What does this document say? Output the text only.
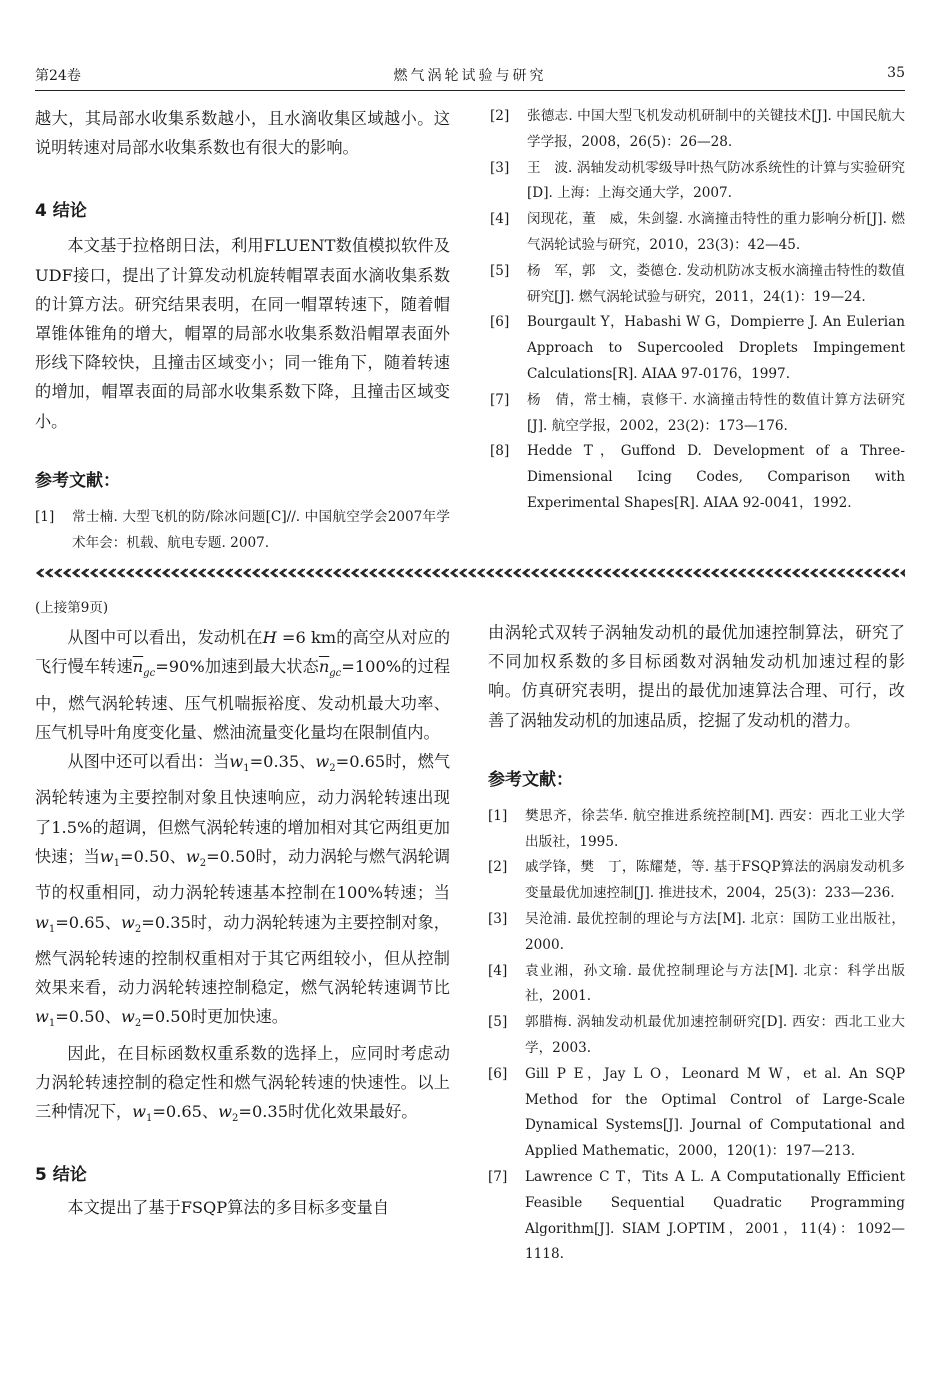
第24卷	燃气涡轮试验与研究	35

越大，其局部水收集系数越小，且水滴收集区域越小。这说明转速对局部水收集系数也有很大的影响。

4 结论

本文基于拉格朗日法，利用FLUENT数值模拟软件及UDF接口，提出了计算发动机旋转帽罩表面水滴收集系数的计算方法。研究结果表明，在同一帽罩转速下，随着帽罩锥体锥角的增大，帽罩的局部水收集系数沿帽罩表面外形线下降较快，且撞击区域变小；同一锥角下，随着转速的增加，帽罩表面的局部水收集系数下降，且撞击区域变小。

参考文献：
[1] 常士楠. 大型飞机的防/除冰问题[C]//. 中国航空学会2007年学术年会：机载、航电专题. 2007.
[2] 张德志. 中国大型飞机发动机研制中的关键技术[J]. 中国民航大学学报，2008，26(5)：26—28.
[3] 王　波. 涡轴发动机零级导叶热气防冰系统性的计算与实验研究[D]. 上海：上海交通大学，2007.
[4] 闵现花，董　威，朱剑鋆. 水滴撞击特性的重力影响分析[J]. 燃气涡轮试验与研究，2010，23(3)：42—45.
[5] 杨　军，郭　文，娄德仓. 发动机防冰支板水滴撞击特性的数值研究[J]. 燃气涡轮试验与研究，2011，24(1)：19—24.
[6] Bourgault Y，Habashi W G，Dompierre J. An Eulerian Approach to Supercooled Droplets Impingement Calculations[R]. AIAA 97-0176，1997.
[7] 杨　倩，常士楠，袁修干. 水滴撞击特性的数值计算方法研究[J]. 航空学报，2002，23(2)：173—176.
[8] Hedde T，Guffond D. Development of a Three-Dimensional Icing Codes, Comparison with Experimental Shapes[R]. AIAA 92-0041，1992.

(上接第9页)

从图中可以看出，发动机在H =6 km的高空从对应的飞行慢车转速$\overline{n}_{gc}=90\%$加速到最大状态$\overline{n}_{gc}=100\%$的过程中，燃气涡轮转速、压气机喘振裕度、发动机最大功率、压气机导叶角度变化量、燃油流量变化量均在限制值内。

从图中还可以看出：当$w_1=0.35$、$w_2=0.65$时，燃气涡轮转速为主要控制对象且快速响应，动力涡轮转速出现了1.5%的超调，但燃气涡轮转速的增加相对其它两组更加快速；当$w_1=0.50$、$w_2=0.50$时，动力涡轮与燃气涡轮调节的权重相同，动力涡轮转速基本控制在100%转速；当$w_1=0.65$、$w_2=0.35$时，动力涡轮转速为主要控制对象，燃气涡轮转速的控制权重相对于其它两组较小，但从控制效果来看，动力涡轮转速控制稳定，燃气涡轮转速调节比$w_1=0.50$、$w_2=0.50$时更加快速。

因此，在目标函数权重系数的选择上，应同时考虑动力涡轮转速控制的稳定性和燃气涡轮转速的快速性。以上三种情况下，$w_1=0.65$、$w_2=0.35$时优化效果最好。

5 结论

本文提出了基于FSQP算法的多目标多变量自

由涡轮式双转子涡轴发动机的最优加速控制算法，研究了不同加权系数的多目标函数对涡轴发动机加速过程的影响。仿真研究表明，提出的最优加速算法合理、可行，改善了涡轴发动机的加速品质，挖掘了发动机的潜力。

参考文献：
[1] 樊思齐，徐芸华. 航空推进系统控制[M]. 西安：西北工业大学出版社，1995.
[2] 戚学锋，樊　丁，陈耀楚，等. 基于FSQP算法的涡扇发动机多变量最优加速控制[J]. 推进技术，2004，25(3)：233—236.
[3] 吴沧浦. 最优控制的理论与方法[M]. 北京：国防工业出版社，2000.
[4] 袁业湘，孙文瑜. 最优控制理论与方法[M]. 北京：科学出版社，2001.
[5] 郭腊梅. 涡轴发动机最优加速控制研究[D]. 西安：西北工业大学，2003.
[6] Gill P E，Jay L O，Leonard M W，et al. An SQP Method for the Optimal Control of Large-Scale Dynamical Systems[J]. Journal of Computational and Applied Mathematic，2000，120(1)：197—213.
[7] Lawrence C T，Tits A L. A Computationally Efficient Feasible Sequential Quadratic Programming Algorithm[J]. SIAM J.OPTIM，2001，11(4)：1092—1118.
